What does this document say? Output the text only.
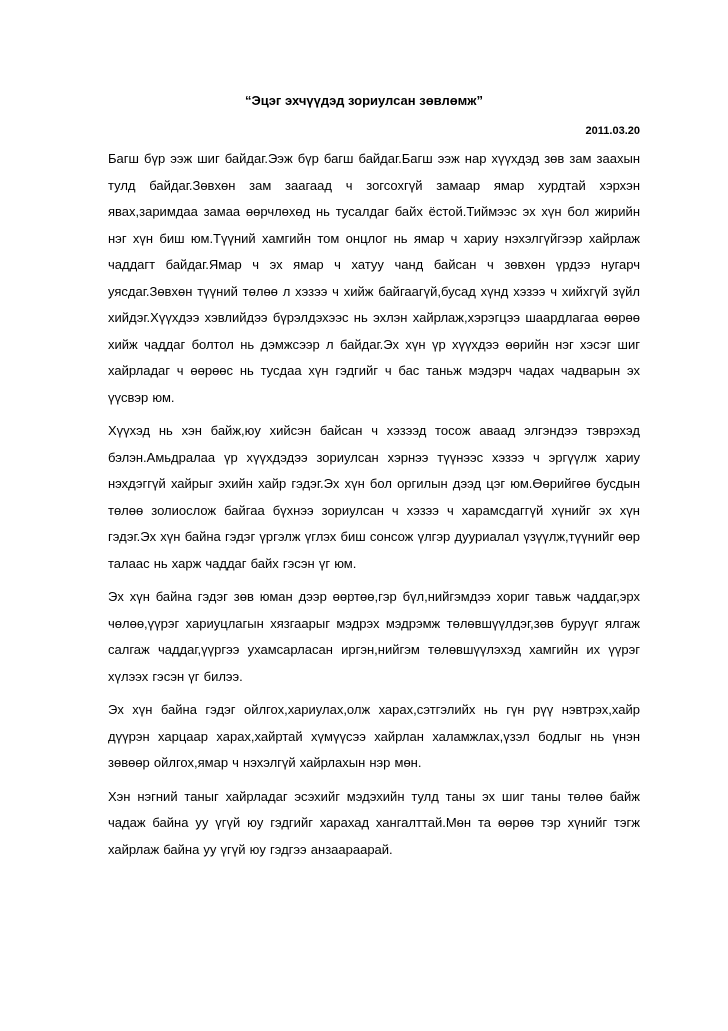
“Эцэг эхчүүдэд зориулсан зөвлөмж”

2011.03.20

Багш бүр ээж шиг байдаг.Ээж бүр багш байдаг.Багш ээж нар хүүхдэд зөв зам заахын тулд байдаг.Зөвхөн зам заагаад ч зогсохгүй замаар ямар хурдтай хэрхэн явах,заримдаа замаа өөрчлөхөд нь тусалдаг байх ёстой.Тиймээс эх хүн бол жирийн нэг хүн биш юм.Түүний хамгийн том онцлог нь ямар ч хариу нэхэлгүйгээр хайрлаж чаддагт байдаг.Ямар ч эх ямар ч хатуу чанд байсан ч зөвхөн үрдээ нугарч уясдаг.Зөвхөн түүний төлөө л хэзээ ч хийж байгаагүй,бусад хүнд хэзээ ч хийхгүй зүйл хийдэг.Хүүхдээ хэвлийдээ бүрэлдэхээс нь эхлэн хайрлаж,хэрэгцээ шаардлагаа өөрөө хийж чаддаг болтол нь дэмжсээр л байдаг.Эх хүн үр хүүхдээ өөрийн нэг хэсэг шиг хайрладаг ч өөрөөс нь тусдаа хүн гэдгийг ч бас таньж мэдэрч чадах чадварын эх үүсвэр юм.

Хүүхэд нь хэн байж,юу хийсэн байсан ч хэзээд тосож аваад элгэндээ тэврэхэд бэлэн.Амьдралаа үр хүүхдэдээ зориулсан хэрнээ түүнээс хэзээ ч эргүүлж хариу нэхдэггүй хайрыг эхийн хайр гэдэг.Эх хүн бол оргилын дээд цэг юм.Өөрийгөө бусдын төлөө золиослож байгаа бүхнээ зориулсан ч хэзээ ч харамсдаггүй хүнийг эх хүн гэдэг.Эх хүн байна гэдэг үргэлж үглэх биш сонсож үлгэр дууриалал үзүүлж,түүнийг өөр талаас нь харж чаддаг байх гэсэн үг юм.

Эх хүн байна гэдэг зөв юман дээр өөртөө,гэр бүл,нийгэмдээ хориг тавьж чаддаг,эрх чөлөө,үүрэг хариуцлагын хязгаарыг мэдрэх мэдрэмж төлөвшүүлдэг,зөв буруүг ялгаж салгаж чаддаг,үүргээ ухамсарласан иргэн,нийгэм төлөвшүүлэхэд хамгийн их үүрэг хүлээх гэсэн үг билээ.

Эх хүн байна гэдэг ойлгох,хариулах,олж харах,сэтгэлийх нь гүн рүү нэвтрэх,хайр дүүрэн харцаар харах,хайртай хүмүүсээ хайрлан халамжлах,үзэл бодлыг нь үнэн зөвөөр ойлгох,ямар ч нэхэлгүй хайрлахын нэр мөн.

Хэн нэгний таныг хайрладаг эсэхийг мэдэхийн тулд таны эх шиг таны төлөө байж чадаж байна уу үгүй юу гэдгийг харахад хангалттай.Мөн та өөрөө тэр хүнийг тэгж хайрлаж байна уу үгүй юу гэдгээ анзаараарай.
